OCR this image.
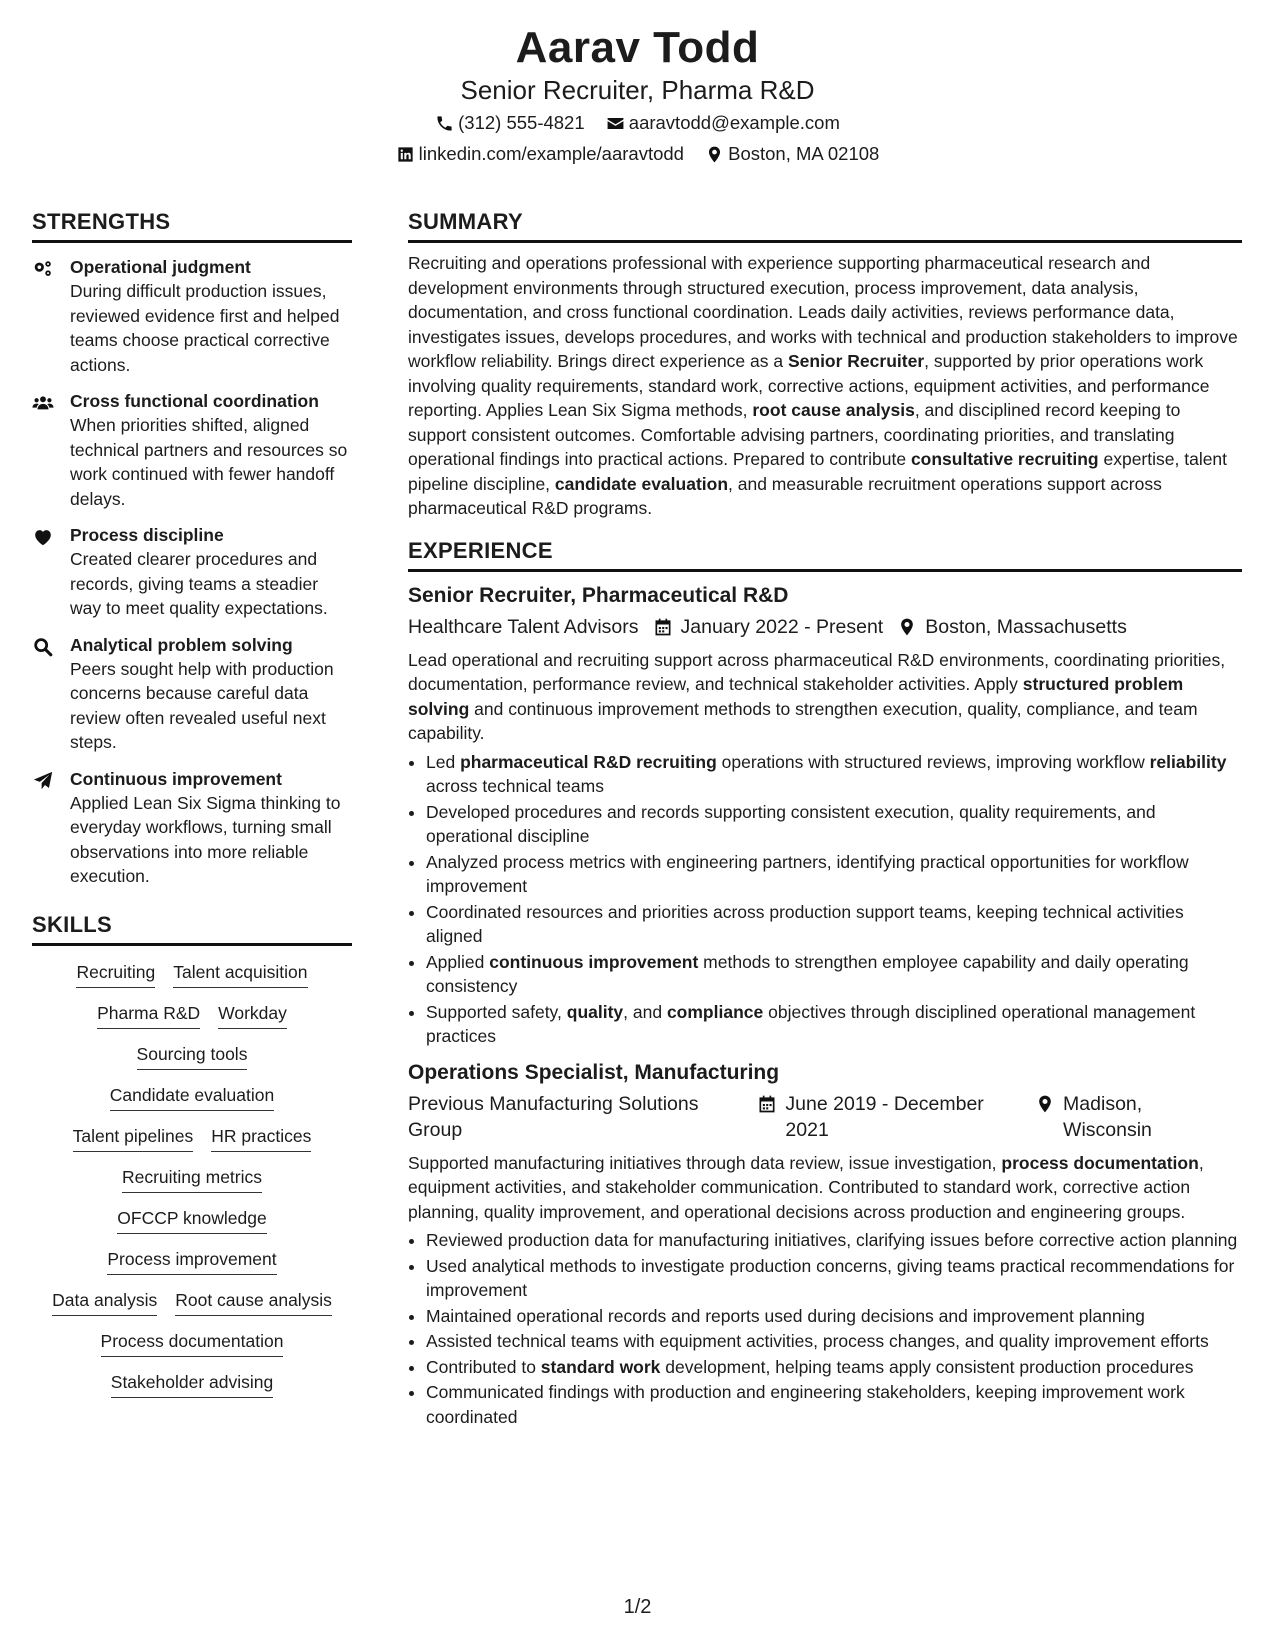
Aarav Todd
Senior Recruiter, Pharma R&D
(312) 555-4821
aaravtodd@example.com
linkedin.com/example/aaravtodd
Boston, MA 02108
STRENGTHS
Operational judgment
During difficult production issues, reviewed evidence first and helped teams choose practical corrective actions.
Cross functional coordination
When priorities shifted, aligned technical partners and resources so work continued with fewer handoff delays.
Process discipline
Created clearer procedures and records, giving teams a steadier way to meet quality expectations.
Analytical problem solving
Peers sought help with production concerns because careful data review often revealed useful next steps.
Continuous improvement
Applied Lean Six Sigma thinking to everyday workflows, turning small observations into more reliable execution.
SKILLS
Recruiting Talent acquisition
Pharma R&D Workday
Sourcing tools
Candidate evaluation
Talent pipelines HR practices
Recruiting metrics
OFCCP knowledge
Process improvement
Data analysis Root cause analysis
Process documentation
Stakeholder advising
SUMMARY

Recruiting and operations professional with experience supporting pharmaceutical research and development environments through structured execution, process improvement, data analysis, documentation, and cross functional coordination. Leads daily activities, reviews performance data, investigates issues, develops procedures, and works with technical and production stakeholders to improve workflow reliability. Brings direct experience as a Senior Recruiter, supported by prior operations work involving quality requirements, standard work, corrective actions, equipment activities, and performance reporting. Applies Lean Six Sigma methods, root cause analysis, and disciplined record keeping to support consistent outcomes. Comfortable advising partners, coordinating priorities, and translating operational findings into practical actions. Prepared to contribute consultative recruiting expertise, talent pipeline discipline, candidate evaluation, and measurable recruitment operations support across pharmaceutical R&D programs.

EXPERIENCE
Senior Recruiter, Pharmaceutical R&D
Healthcare Talent Advisors January 2022 - Present Boston, Massachusetts

Lead operational and recruiting support across pharmaceutical R&D environments, coordinating priorities, documentation, performance review, and technical stakeholder activities. Apply structured problem solving and continuous improvement methods to strengthen execution, quality, compliance, and team capability.

• Led pharmaceutical R&D recruiting operations with structured reviews, improving workflow reliability across technical teams
• Developed procedures and records supporting consistent execution, quality requirements, and operational discipline
• Analyzed process metrics with engineering partners, identifying practical opportunities for workflow improvement
• Coordinated resources and priorities across production support teams, keeping technical activities aligned
• Applied continuous improvement methods to strengthen employee capability and daily operating consistency
• Supported safety, quality, and compliance objectives through disciplined operational management practices
Operations Specialist, Manufacturing
Previous Manufacturing Solutions Group
June 2019 - December 2021
Madison, Wisconsin

Supported manufacturing initiatives through data review, issue investigation, process documentation, equipment activities, and stakeholder communication. Contributed to standard work, corrective action planning, quality improvement, and operational decisions across production and engineering groups.

• Reviewed production data for manufacturing initiatives, clarifying issues before corrective action planning
• Used analytical methods to investigate production concerns, giving teams practical recommendations for improvement
• Maintained operational records and reports used during decisions and improvement planning
• Assisted technical teams with equipment activities, process changes, and quality improvement efforts
• Contributed to standard work development, helping teams apply consistent production procedures
• Communicated findings with production and engineering stakeholders, keeping improvement work coordinated
1/2
